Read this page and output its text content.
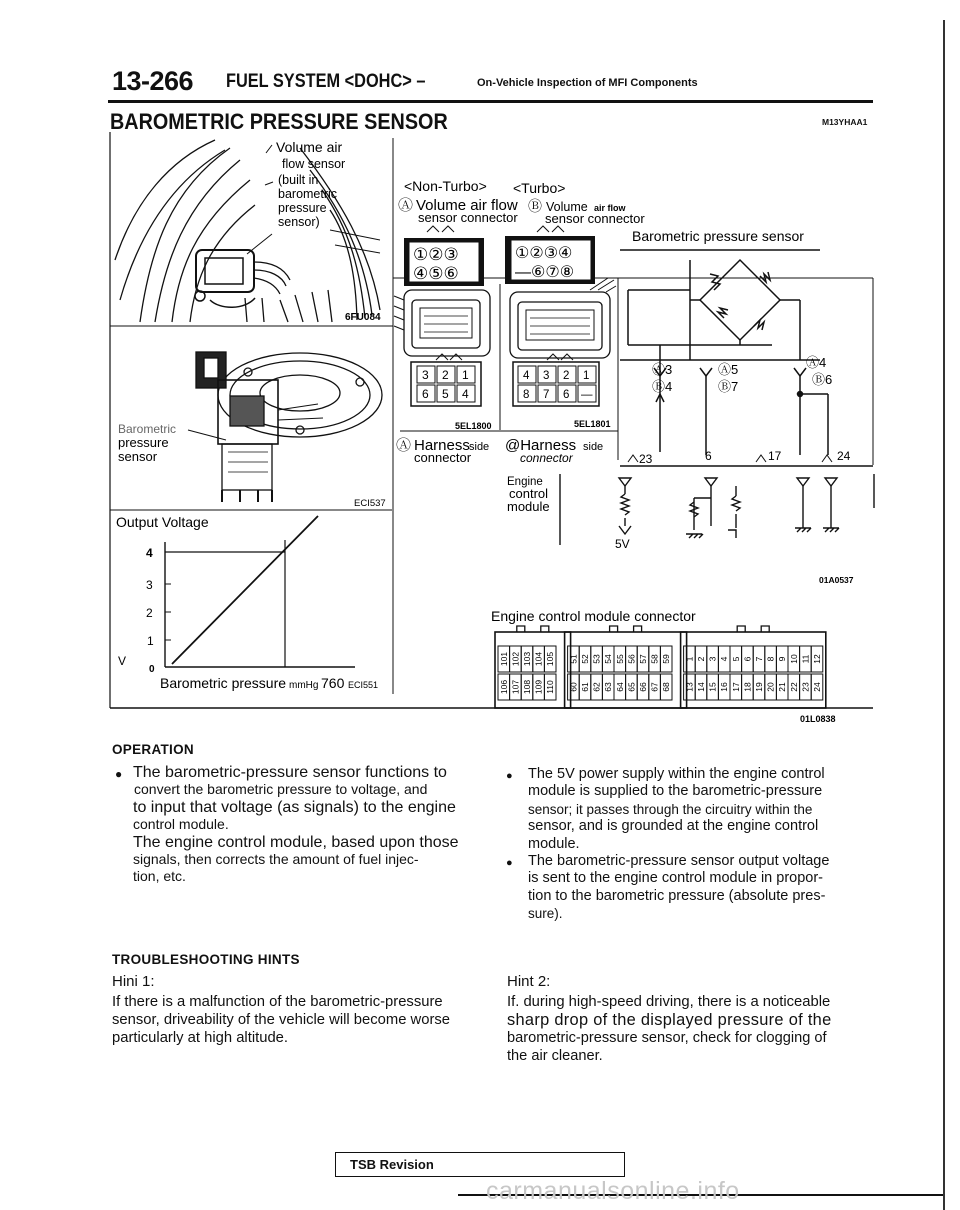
13-266 FUEL SYSTEM <DOHC> –	On-Vehicle Inspection of MFI Components
BAROMETRIC PRESSURE SENSOR	M13YHAA1
Volume air flow sensor (built in barometric pressure sensor)
6FU084
Barometric pressure sensor
ECI537
Output Voltage
4
3
2
1
0
V
Barometric pressure mmHg 760 ECI551
<Non-Turbo> <Turbo>
Ⓐ Volume air flow
sensor connector
Ⓑ Volume air flow
sensor connector
①②③
④⑤⑥
①②③④
—⑥⑦⑧
3 2 1
6 5 4
4 3 2 1
8 7 6 —
5EL1800	5EL1801
Ⓐ Harness side
connector
@Harness side
connector
Barometric pressure sensor
Ⓐ3
Ⓑ4
Ⓐ5
Ⓑ7
Ⓐ4
Ⓑ6
23	6	17	24
Engine control module
5V
01A0537
Engine control module connector
101 102 103 104 105 51 52 53 54 55 56 57 58 59 1 2 3 4 5 6 7 8 9 10 11 12
106 107 108 109 110 60 61 62 63 64 65 66 67 68 13 14 15 16 17 18 19 20 21 22 23 24
01L0838
OPERATION
● The barometric-pressure sensor functions to
convert the barometric pressure to voltage, and
to input that voltage (as signals) to the engine
control module.
The engine control module, based upon those
signals, then corrects the amount of fuel injec-
tion, etc.
● The 5V power supply within the engine control
module is supplied to the barometric-pressure
sensor; it passes through the circuitry within the
sensor, and is grounded at the engine control
module.
● The barometric-pressure sensor output voltage
is sent to the engine control module in propor-
tion to the barometric pressure (absolute pres-
sure).
TROUBLESHOOTING HINTS
Hini 1:
If there is a malfunction of the barometric-pressure
sensor, driveability of the vehicle will become worse
particularly at high altitude.
Hint 2:
If. during high-speed driving, there is a noticeable
sharp drop of the displayed pressure of the
barometric-pressure sensor, check for clogging of
the air cleaner.
TSB Revision
carmanualsonline.info
